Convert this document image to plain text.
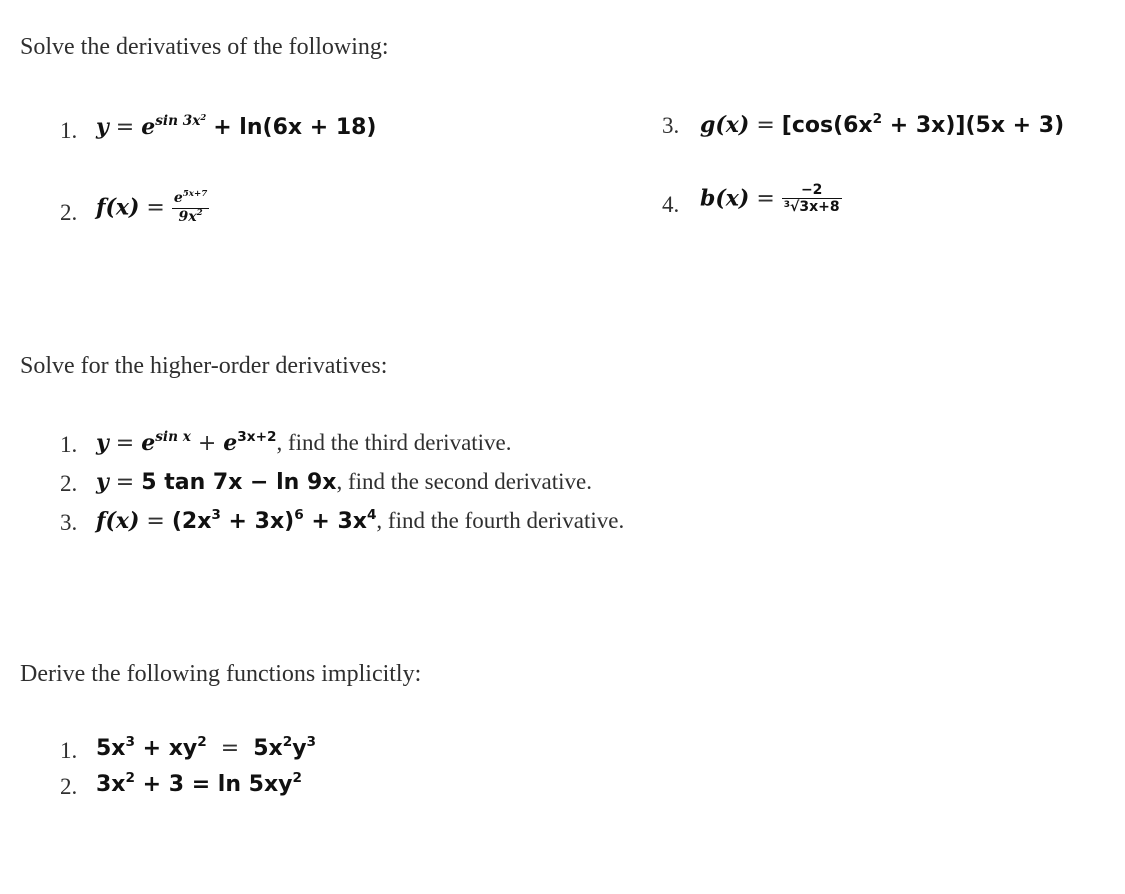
Solve the derivatives of the following:
1. $y = e^{sin 3x^2} + \ln(6x + 18)$
2. $f(x) = \frac{e^{5x+7}}{9x^2}$
3. $g(x) = [\cos(6x^2 + 3x)](5x + 3)$
4. $b(x) = \frac{-2}{^3√3x+8}$
Solve for the higher-order derivatives:
1. $y = e^{sin x} + e^{3x+2}$, find the third derivative.
2. y = 5 tan 7x − ln 9x, find the second derivative.
3. $f(x) = (2x^3 + 3x)^6 + 3x^4$, find the fourth derivative.
Derive the following functions implicitly:
1. $5x^3 + xy^2 = 5x^2y^3$
2. $3x^2 + 3 = \ln 5xy^2$
